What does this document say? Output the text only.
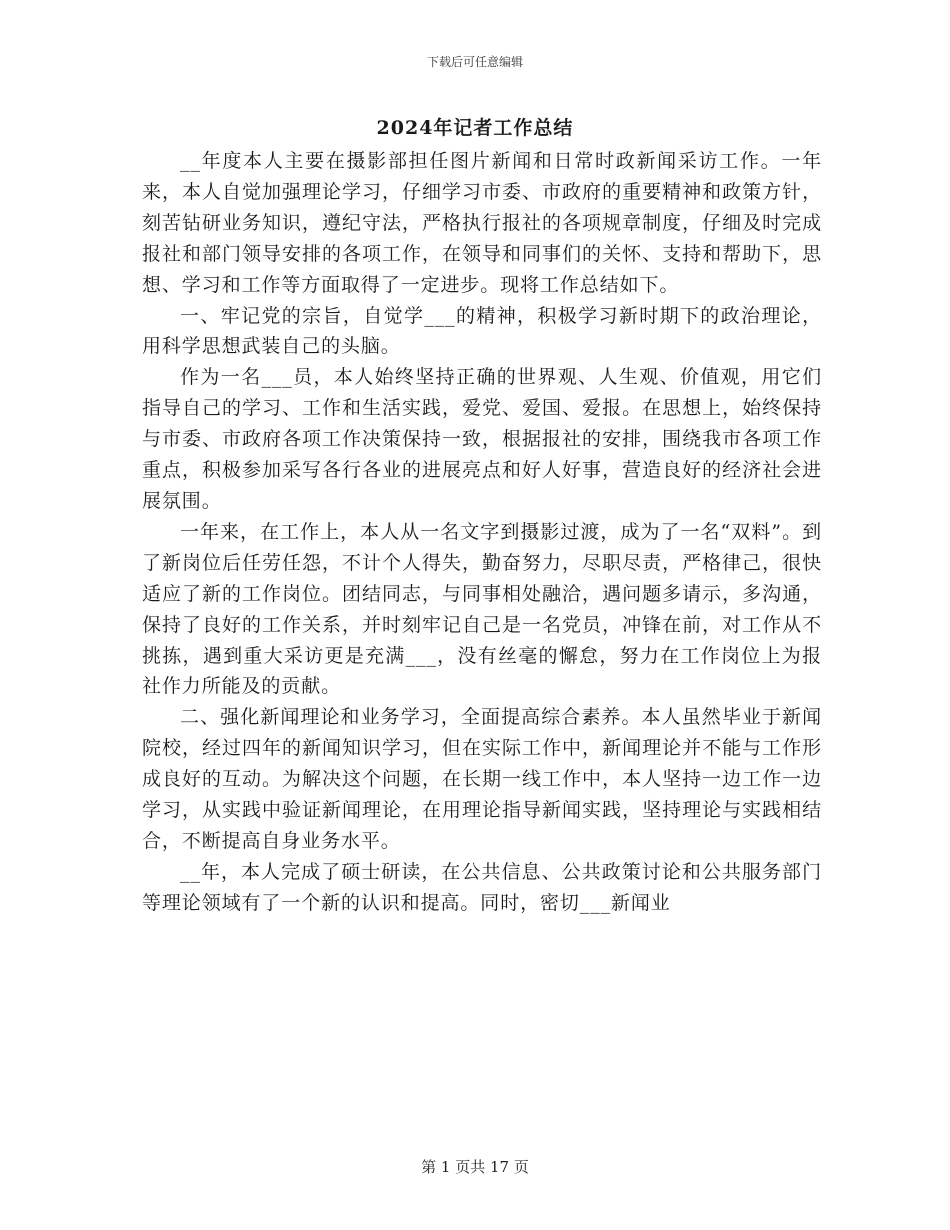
下载后可任意编辑
2024年记者工作总结

__年度本人主要在摄影部担任图片新闻和日常时政新闻采访工作。一年来，本人自觉加强理论学习，仔细学习市委、市政府的重要精神和政策方针，刻苦钻研业务知识，遵纪守法，严格执行报社的各项规章制度，仔细及时完成报社和部门领导安排的各项工作，在领导和同事们的关怀、支持和帮助下，思想、学习和工作等方面取得了一定进步。现将工作总结如下。

一、牢记党的宗旨，自觉学___的精神，积极学习新时期下的政治理论，用科学思想武装自己的头脑。

作为一名___员，本人始终坚持正确的世界观、人生观、价值观，用它们指导自己的学习、工作和生活实践，爱党、爱国、爱报。在思想上，始终保持与市委、市政府各项工作决策保持一致，根据报社的安排，围绕我市各项工作重点，积极参加采写各行各业的进展亮点和好人好事，营造良好的经济社会进展氛围。

一年来，在工作上，本人从一名文字到摄影过渡，成为了一名“双料”。到了新岗位后任劳任怨，不计个人得失，勤奋努力，尽职尽责，严格律己，很快适应了新的工作岗位。团结同志，与同事相处融洽，遇问题多请示，多沟通，保持了良好的工作关系，并时刻牢记自己是一名党员，冲锋在前，对工作从不挑拣，遇到重大采访更是充满___，没有丝毫的懈怠，努力在工作岗位上为报社作力所能及的贡献。

二、强化新闻理论和业务学习，全面提高综合素养。本人虽然毕业于新闻院校，经过四年的新闻知识学习，但在实际工作中，新闻理论并不能与工作形成良好的互动。为解决这个问题，在长期一线工作中，本人坚持一边工作一边学习，从实践中验证新闻理论，在用理论指导新闻实践，坚持理论与实践相结合，不断提高自身业务水平。

__年，本人完成了硕士研读，在公共信息、公共政策讨论和公共服务部门等理论领域有了一个新的认识和提高。同时，密切___新闻业

第 1 页共 17 页
